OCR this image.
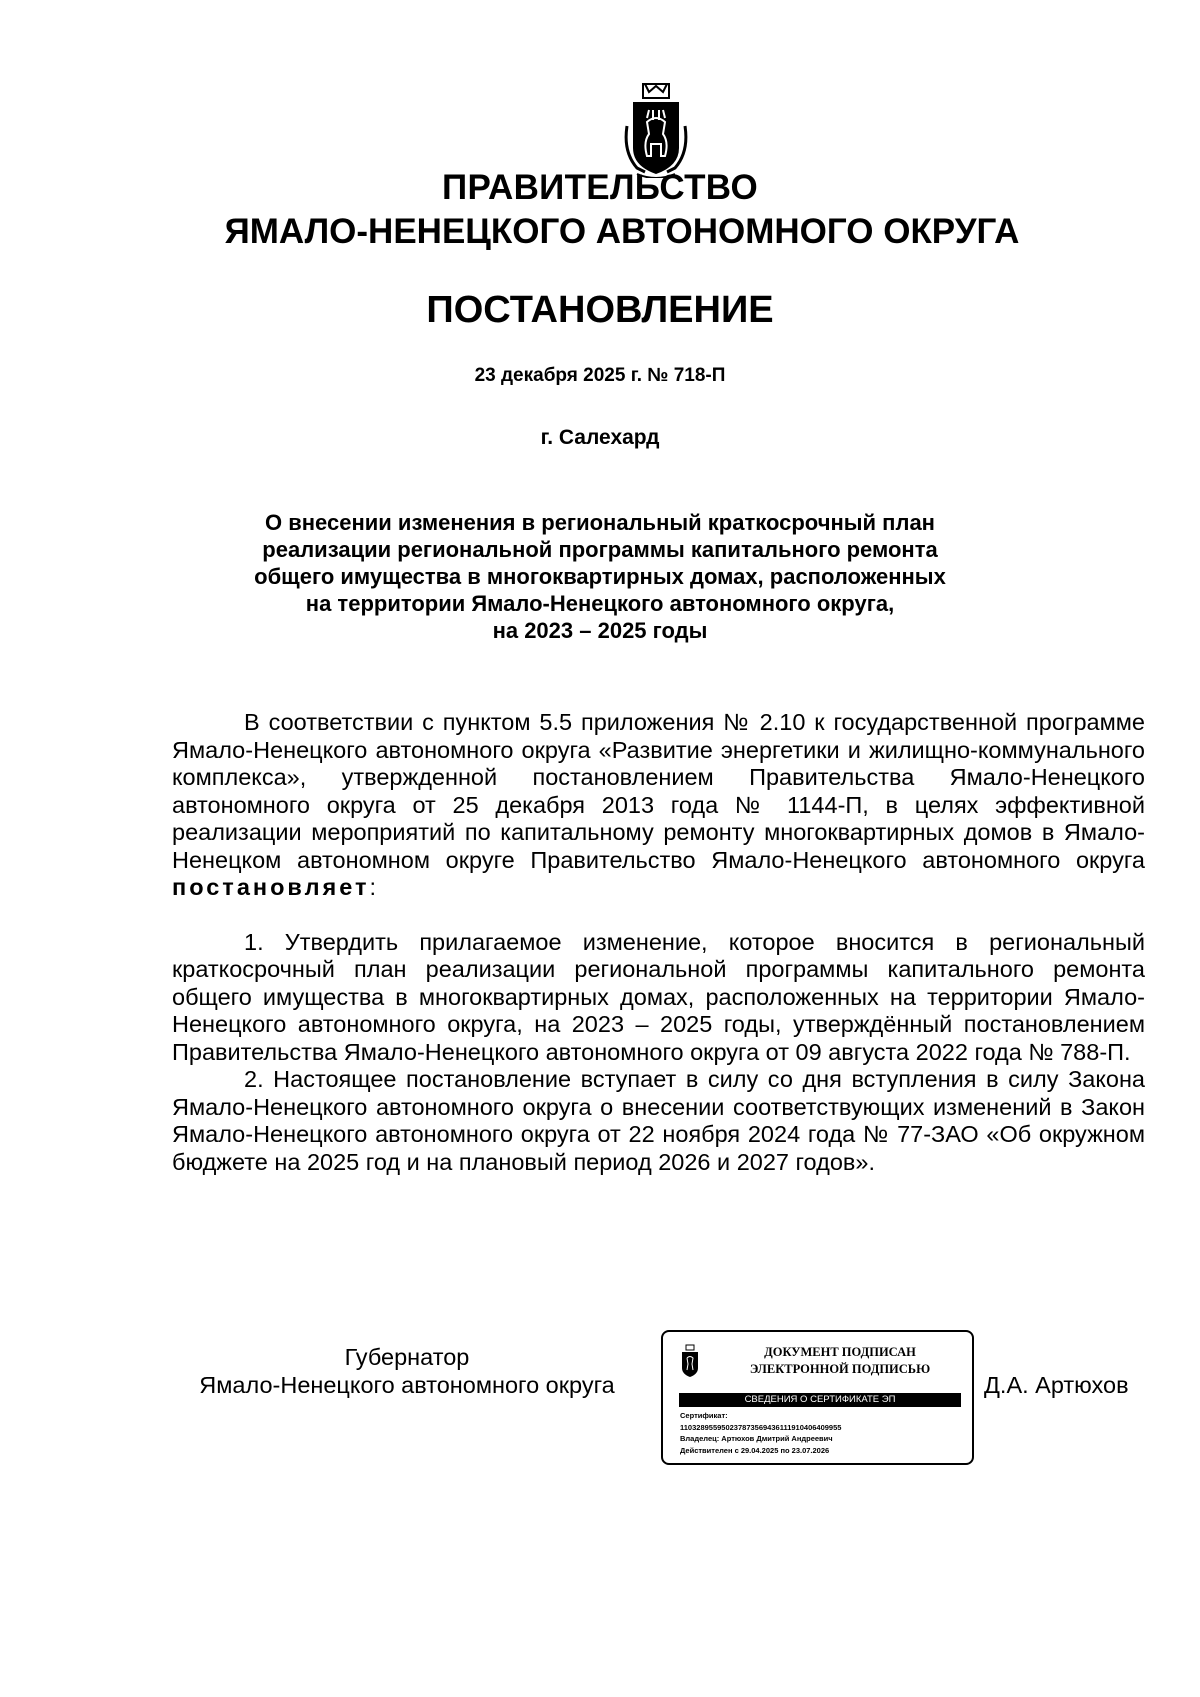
ПРАВИТЕЛЬСТВО
ЯМАЛО-НЕНЕЦКОГО АВТОНОМНОГО ОКРУГА
ПОСТАНОВЛЕНИЕ
23 декабря 2025 г. № 718-П
г. Салехард
О внесении изменения в региональный краткосрочный план
реализации региональной программы капитального ремонта
общего имущества в многоквартирных домах, расположенных
на территории Ямало-Ненецкого автономного округа,
на 2023 – 2025 годы

В соответствии с пунктом 5.5 приложения № 2.10 к государственной программе Ямало-Ненецкого автономного округа «Развитие энергетики и жилищно-коммунального комплекса», утвержденной постановлением Правительства Ямало-Ненецкого автономного округа от 25 декабря 2013 года № 1144-П, в целях эффективной реализации мероприятий по капитальному ремонту многоквартирных домов в Ямало-Ненецком автономном округе Правительство Ямало-Ненецкого автономного округа постановляет:

1. Утвердить прилагаемое изменение, которое вносится в региональный краткосрочный план реализации региональной программы капитального ремонта общего имущества в многоквартирных домах, расположенных на территории Ямало-Ненецкого автономного округа, на 2023 – 2025 годы, утверждённый постановлением Правительства Ямало-Ненецкого автономного округа от 09 августа 2022 года № 788-П.

2. Настоящее постановление вступает в силу со дня вступления в силу Закона Ямало-Ненецкого автономного округа о внесении соответствующих изменений в Закон Ямало-Ненецкого автономного округа от 22 ноября 2024 года № 77-ЗАО «Об окружном бюджете на 2025 год и на плановый период 2026 и 2027 годов».

Губернатор
Ямало-Ненецкого автономного округа
ДОКУМЕНТ ПОДПИСАН
ЭЛЕКТРОННОЙ ПОДПИСЬЮ
СВЕДЕНИЯ О СЕРТИФИКАТЕ ЭП
Сертификат:
110328955950237873569436111910406409955
Владелец: Артюхов Дмитрий Андреевич
Действителен с 29.04.2025 по 23.07.2026
Д.А. Артюхов
